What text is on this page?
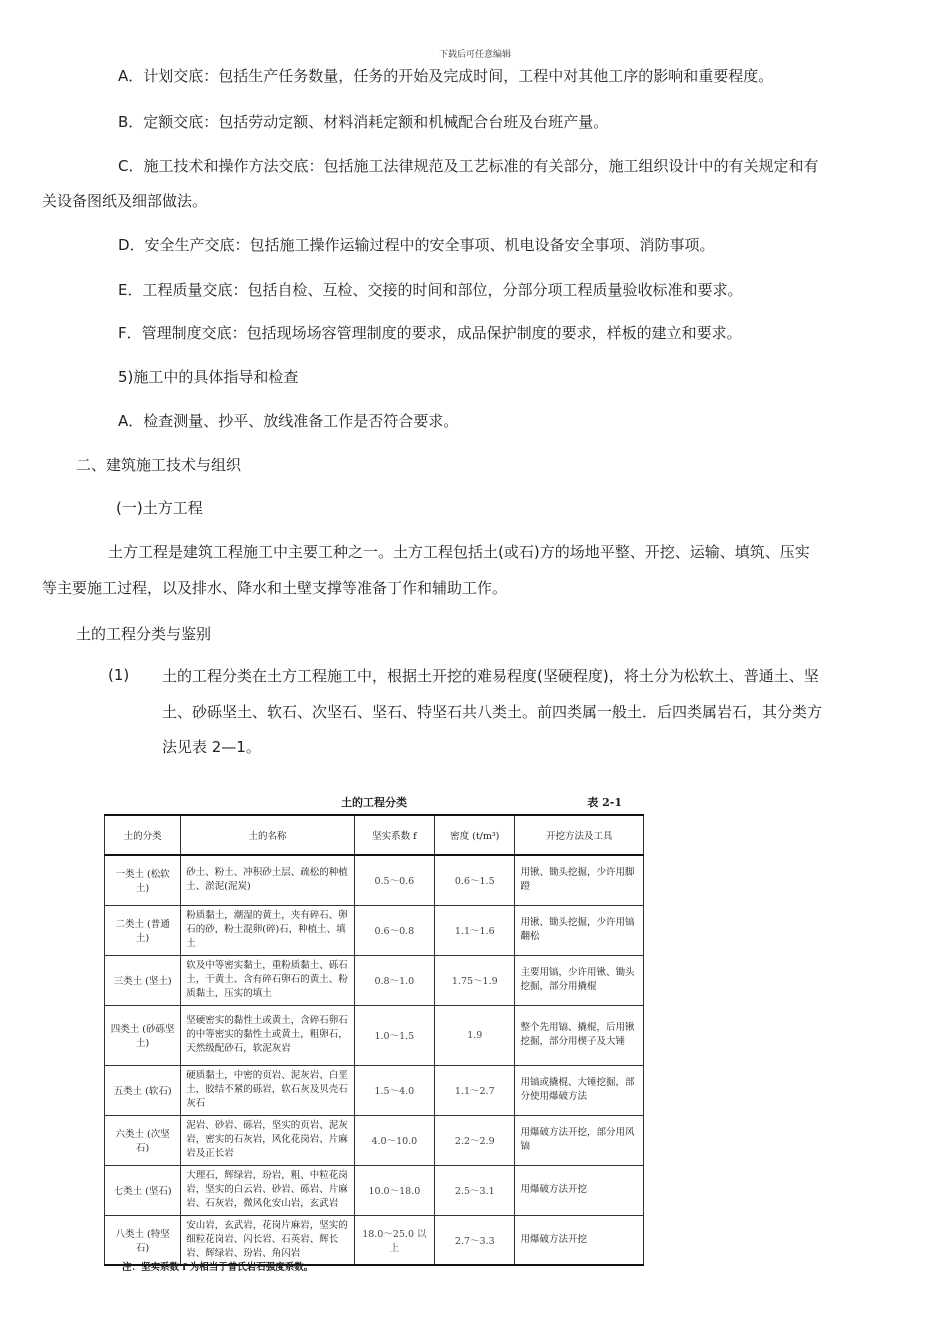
下载后可任意编辑
A．计划交底：包括生产任务数量，任务的开始及完成时间，工程中对其他工序的影响和重要程度。
B．定额交底：包括劳动定额、材料消耗定额和机械配合台班及台班产量。
C．施工技术和操作方法交底：包括施工法律规范及工艺标准的有关部分，施工组织设计中的有关规定和有
关设备图纸及细部做法。
D．安全生产交底：包括施工操作运输过程中的安全事项、机电设备安全事项、消防事项。
E．工程质量交底：包括自检、互检、交接的时间和部位，分部分项工程质量验收标准和要求。
F．管理制度交底：包括现场场容管理制度的要求，成品保护制度的要求，样板的建立和要求。
5)施工中的具体指导和检查
A．检查测量、抄平、放线准备工作是否符合要求。
二、建筑施工技术与组织
(一)土方工程
土方工程是建筑工程施工中主要工种之一。土方工程包括土(或石)方的场地平整、开挖、运输、填筑、压实
等主要施工过程，以及排水、降水和土壁支撑等准备丁作和辅助工作。
土的工程分类与鉴别
(1) 土的工程分类在土方工程施工中，根据土开挖的难易程度(坚硬程度)，将土分为松软土、普通土、坚
土、砂砾坚土、软石、次坚石、坚石、特坚石共八类土。前四类属一般土．后四类属岩石，其分类方
法见表 2—1。
土的工程分类	表 2-1
土的分类	土的名称	坚实系数 f	密度 (t/m³)	开挖方法及工具
一类土 (松软土)	砂土、粉土、冲积砂土层、疏松的种植土、淤泥(泥炭)	0.5～0.6	0.6～1.5	用锹、锄头挖掘，少许用脚蹬
二类土 (普通土)	粉质黏土，潮湿的黄土，夹有碎石、卵石的砂，粉土混卵(碎)石，种植土、填土	0.6～0.8	1.1～1.6	用锹、锄头挖掘，少许用镐翻松
三类土 (坚土)	软及中等密实黏土，重粉质黏土、砾石土，干黄土、含有碎石卵石的黄土、粉质黏土，压实的填土	0.8～1.0	1.75～1.9	主要用镐，少许用锹、锄头挖掘，部分用撬棍
四类土 (砂砾坚土)	坚硬密实的黏性土或黄土，含碎石卵石的中等密实的黏性土或黄土，粗卵石，天然级配砂石，软泥灰岩	1.0～1.5	1.9	整个先用镐、撬棍，后用锹挖掘，部分用楔子及大锤
五类土 (软石)	硬质黏土，中密的页岩、泥灰岩、白垩土，胶结不紧的砾岩，软石灰及贝壳石灰石	1.5～4.0	1.1～2.7	用镐或撬棍、大锤挖掘，部分使用爆破方法
六类土 (次坚石)	泥岩、砂岩、砾岩，坚实的页岩、泥灰岩，密实的石灰岩，风化花岗岩、片麻岩及正长岩	4.0～10.0	2.2～2.9	用爆破方法开挖，部分用风镐
七类土 (坚石)	大理石，辉绿岩，玢岩，粗、中粒花岗岩，坚实的白云岩、砂岩、砾岩、片麻岩、石灰岩，微风化安山岩，玄武岩	10.0～18.0	2.5～3.1	用爆破方法开挖
八类土 (特坚石)	安山岩，玄武岩，花岗片麻岩，坚实的细粒花岗岩、闪长岩、石英岩、辉长岩、辉绿岩、玢岩、角闪岩	18.0～25.0 以上	2.7～3.3	用爆破方法开挖
注：坚实系数 f 为相当于普氏岩石强度系数。
